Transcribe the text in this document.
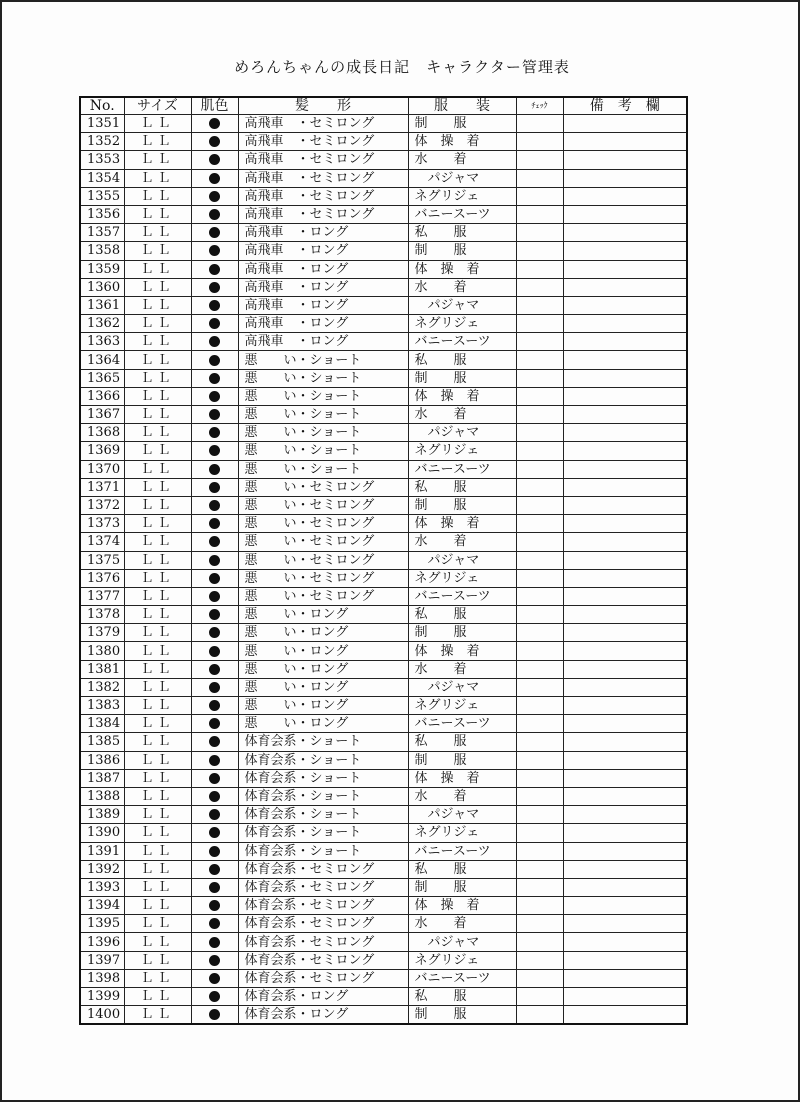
めろんちゃんの成長日記　キャラクター管理表
No.	サイズ	肌色	髪　　形	服　　装	ﾁｪｯｸ	備　考　欄
1351	ＬＬ		高飛車　・セミロング	制　　服		
1352	ＬＬ		高飛車　・セミロング	体　操　着		
1353	ＬＬ		高飛車　・セミロング	水　　着		
1354	ＬＬ		高飛車　・セミロング	　パジャマ		
1355	ＬＬ		高飛車　・セミロング	ネグリジェ		
1356	ＬＬ		高飛車　・セミロング	バニースーツ		
1357	ＬＬ		高飛車　・ロング	私　　服		
1358	ＬＬ		高飛車　・ロング	制　　服		
1359	ＬＬ		高飛車　・ロング	体　操　着		
1360	ＬＬ		高飛車　・ロング	水　　着		
1361	ＬＬ		高飛車　・ロング	　パジャマ		
1362	ＬＬ		高飛車　・ロング	ネグリジェ		
1363	ＬＬ		高飛車　・ロング	バニースーツ		
1364	ＬＬ		悪　　い・ショート	私　　服		
1365	ＬＬ		悪　　い・ショート	制　　服		
1366	ＬＬ		悪　　い・ショート	体　操　着		
1367	ＬＬ		悪　　い・ショート	水　　着		
1368	ＬＬ		悪　　い・ショート	　パジャマ		
1369	ＬＬ		悪　　い・ショート	ネグリジェ		
1370	ＬＬ		悪　　い・ショート	バニースーツ		
1371	ＬＬ		悪　　い・セミロング	私　　服		
1372	ＬＬ		悪　　い・セミロング	制　　服		
1373	ＬＬ		悪　　い・セミロング	体　操　着		
1374	ＬＬ		悪　　い・セミロング	水　　着		
1375	ＬＬ		悪　　い・セミロング	　パジャマ		
1376	ＬＬ		悪　　い・セミロング	ネグリジェ		
1377	ＬＬ		悪　　い・セミロング	バニースーツ		
1378	ＬＬ		悪　　い・ロング	私　　服		
1379	ＬＬ		悪　　い・ロング	制　　服		
1380	ＬＬ		悪　　い・ロング	体　操　着		
1381	ＬＬ		悪　　い・ロング	水　　着		
1382	ＬＬ		悪　　い・ロング	　パジャマ		
1383	ＬＬ		悪　　い・ロング	ネグリジェ		
1384	ＬＬ		悪　　い・ロング	バニースーツ		
1385	ＬＬ		体育会系・ショート	私　　服		
1386	ＬＬ		体育会系・ショート	制　　服		
1387	ＬＬ		体育会系・ショート	体　操　着		
1388	ＬＬ		体育会系・ショート	水　　着		
1389	ＬＬ		体育会系・ショート	　パジャマ		
1390	ＬＬ		体育会系・ショート	ネグリジェ		
1391	ＬＬ		体育会系・ショート	バニースーツ		
1392	ＬＬ		体育会系・セミロング	私　　服		
1393	ＬＬ		体育会系・セミロング	制　　服		
1394	ＬＬ		体育会系・セミロング	体　操　着		
1395	ＬＬ		体育会系・セミロング	水　　着		
1396	ＬＬ		体育会系・セミロング	　パジャマ		
1397	ＬＬ		体育会系・セミロング	ネグリジェ		
1398	ＬＬ		体育会系・セミロング	バニースーツ		
1399	ＬＬ		体育会系・ロング	私　　服		
1400	ＬＬ		体育会系・ロング	制　　服		
